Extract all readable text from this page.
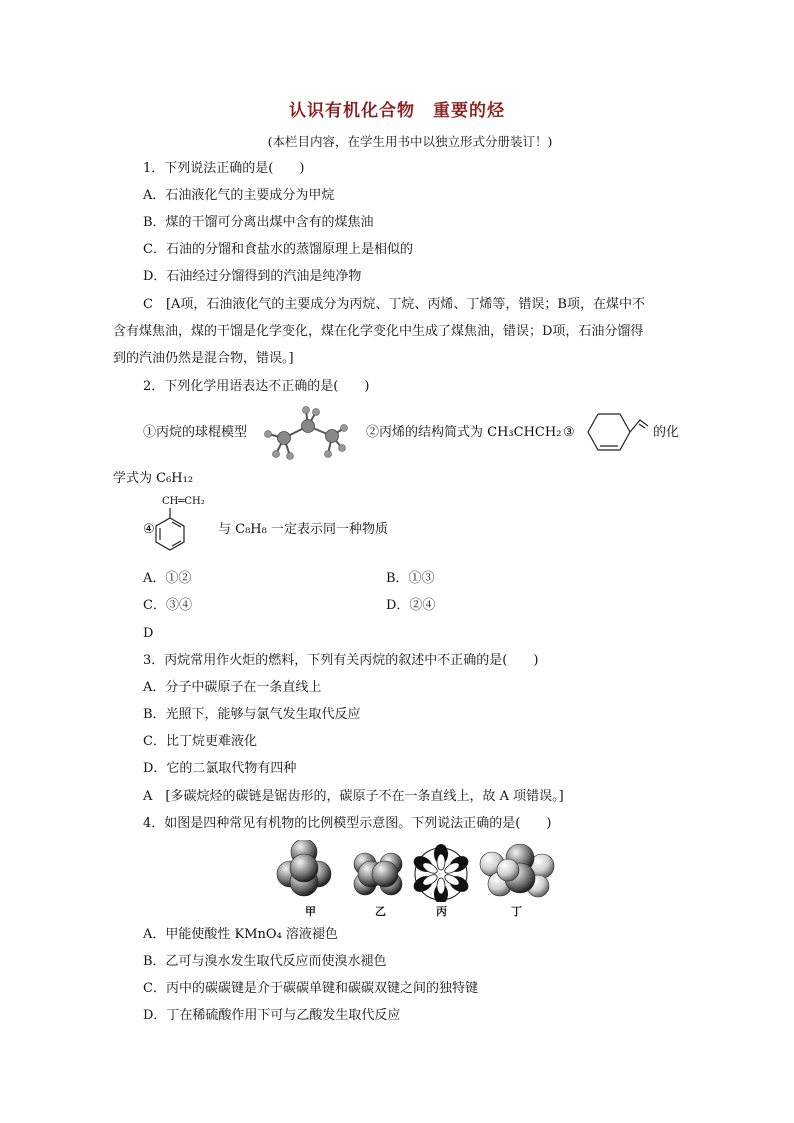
认识有机化合物　重要的烃
(本栏目内容，在学生用书中以独立形式分册装订！)
1．下列说法正确的是(　　)
A．石油液化气的主要成分为甲烷
B．煤的干馏可分离出煤中含有的煤焦油
C．石油的分馏和食盐水的蒸馏原理上是相似的
D．石油经过分馏得到的汽油是纯净物
C　[A项，石油液化气的主要成分为丙烷、丁烷、丙烯、丁烯等，错误；B项，在煤中不
含有煤焦油，煤的干馏是化学变化，煤在化学变化中生成了煤焦油，错误；D项，石油分馏得
到的汽油仍然是混合物，错误。]
2．下列化学用语表达不正确的是(　　)
①丙烷的球棍模型	②丙烯的结构简式为 CH₃CHCH₂ ③	的化
学式为 C₆H₁₂
④
CH═CH₂
与 C₈H₈ 一定表示同一种物质
A．①②	B．①③
C．③④	D．②④
D
3．丙烷常用作火炬的燃料，下列有关丙烷的叙述中不正确的是(　　)
A．分子中碳原子在一条直线上
B．光照下，能够与氯气发生取代反应
C．比丁烷更难液化
D．它的二氯取代物有四种
A　[多碳烷烃的碳链是锯齿形的，碳原子不在一条直线上，故 A 项错误。]
4．如图是四种常见有机物的比例模型示意图。下列说法正确的是(　　)
甲	乙	丙	丁
A．甲能使酸性 KMnO₄ 溶液褪色
B．乙可与溴水发生取代反应而使溴水褪色
C．丙中的碳碳键是介于碳碳单键和碳碳双键之间的独特键
D．丁在稀硫酸作用下可与乙酸发生取代反应
